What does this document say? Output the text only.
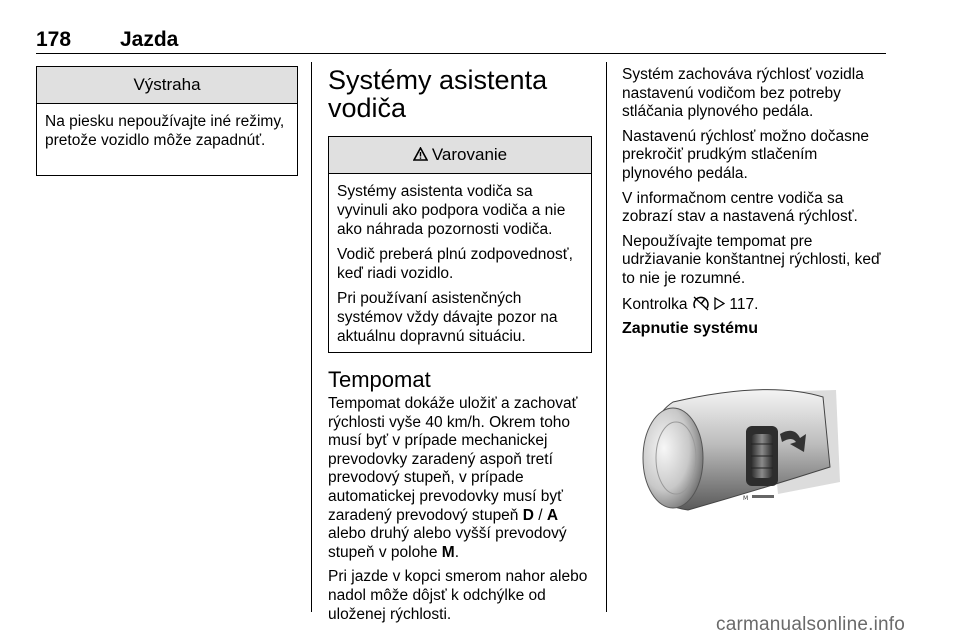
178 Jazda
Výstraha

Na piesku nepoužívajte iné režimy, pretože vozidlo môže zapadnúť.

Systémy asistenta
vodiča
Varovanie

Systémy asistenta vodiča sa vyvinuli ako podpora vodiča a nie ako náhrada pozornosti vodiča.

Vodič preberá plnú zodpovednosť, keď riadi vozidlo.

Pri používaní asistenčných systémov vždy dávajte pozor na aktuálnu dopravnú situáciu.

Tempomat

Tempomat dokáže uložiť a zachovať rýchlosti vyše 40 km/h. Okrem toho musí byť v prípade mechanickej prevodovky zaradený aspoň tretí prevodový stupeň, v prípade automatickej prevodovky musí byť zaradený prevodový stupeň D / A alebo druhý alebo vyšší prevodový stupeň v polohe M.

Pri jazde v kopci smerom nahor alebo nadol môže dôjsť k odchýlke od uloženej rýchlosti.

Systém zachováva rýchlosť vozidla nastavenú vodičom bez potreby stláčania plynového pedála.

Nastavenú rýchlosť možno dočasne prekročiť prudkým stlačením plynového pedála.

V informačnom centre vodiča sa zobrazí stav a nastavená rýchlosť.

Nepoužívajte tempomat pre udržiavanie konštantnej rýchlosti, keď to nie je rozumné.

Kontrolka	117.

Zapnutie systému

M
carmanualsonline.info
